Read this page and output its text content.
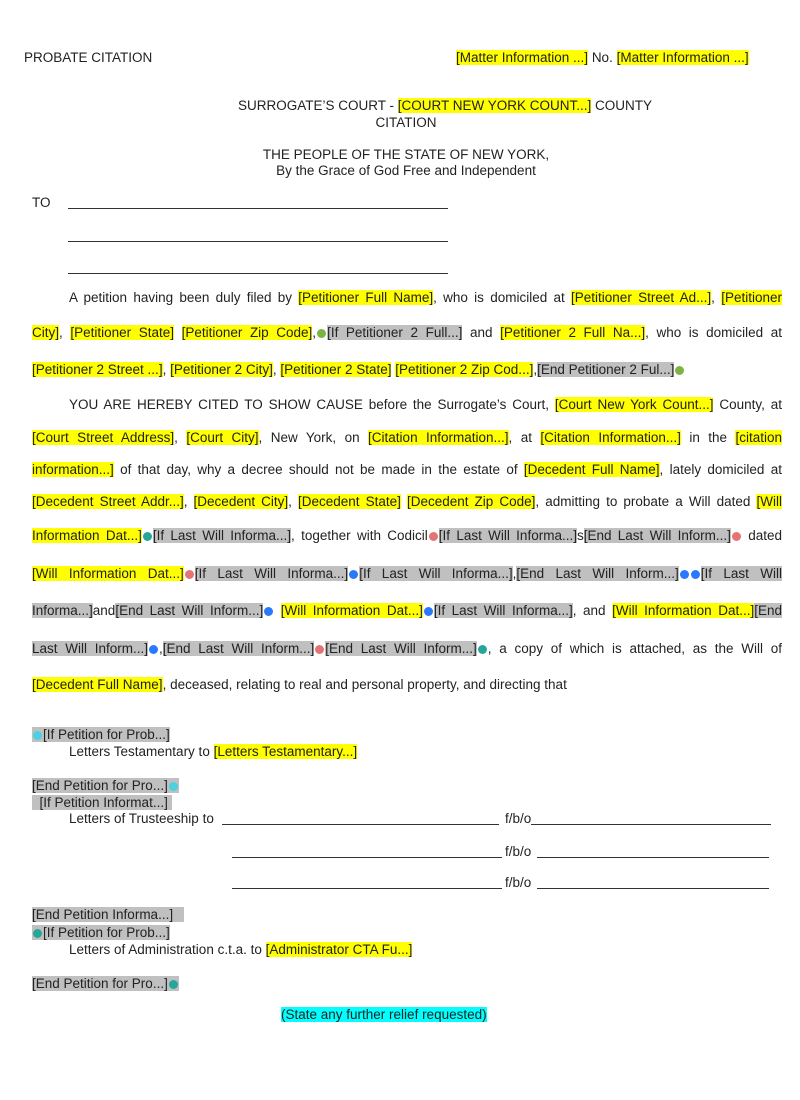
PROBATE CITATION	[Matter Information ...] No. [Matter Information ...]
SURROGATE’S COURT - [COURT NEW YORK COUNT...] COUNTY
CITATION
THE PEOPLE OF THE STATE OF NEW YORK,
By the Grace of God Free and Independent
TO
A petition having been duly filed by [Petitioner Full Name], who is domiciled at [Petitioner Street Ad...], [Petitioner
City], [Petitioner State] [Petitioner Zip Code], [If Petitioner 2 Full...] and [Petitioner 2 Full Na...], who is domiciled at
[Petitioner 2 Street ...], [Petitioner 2 City], [Petitioner 2 State] [Petitioner 2 Zip Cod...],[End Petitioner 2 Ful...]
YOU ARE HEREBY CITED TO SHOW CAUSE before the Surrogate’s Court, [Court New York Count...] County, at
[Court Street Address], [Court City], New York, on [Citation Information...], at [Citation Information...] in the [citation
information...] of that day, why a decree should not be made in the estate of [Decedent Full Name], lately domiciled at
[Decedent Street Addr...], [Decedent City], [Decedent State] [Decedent Zip Code], admitting to probate a Will dated [Will
Information Dat...] [If Last Will Informa...], together with Codicil [If Last Will Informa...]s[End Last Will Inform...] dated
[Will Information Dat...] [If Last Will Informa...] [If Last Will Informa...],[End Last Will Inform...] [If Last Will
Informa...]and[End Last Will Inform...] [Will Information Dat...] [If Last Will Informa...], and [Will Information Dat...][End
Last Will Inform...] ,[End Last Will Inform...] [End Last Will Inform...] , a copy of which is attached, as the Will of
[Decedent Full Name], deceased, relating to real and personal property, and directing that
[If Petition for Prob...]
Letters Testamentary to [Letters Testamentary...]
[End Petition for Pro...]
[If Petition Informat...]
Letters of Trusteeship to	f/b/o
f/b/o
f/b/o
[End Petition Informa...]
[If Petition for Prob...]
Letters of Administration c.t.a. to [Administrator CTA Fu...]
[End Petition for Pro...]
(State any further relief requested)
